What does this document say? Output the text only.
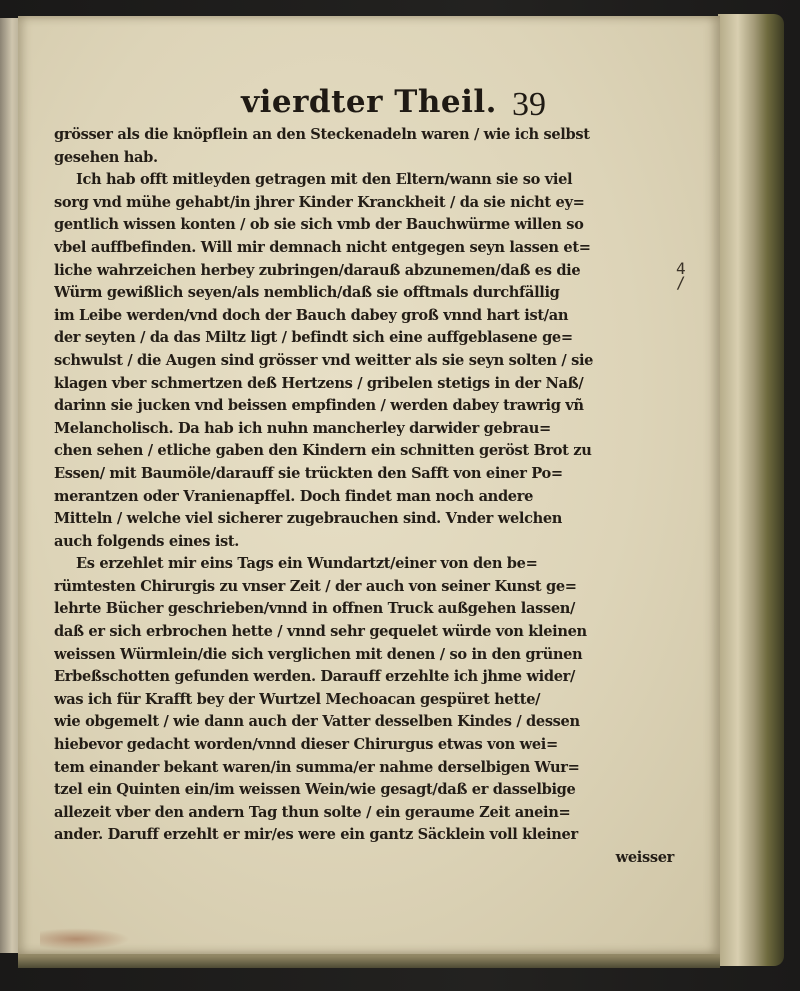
vierdter Theil. 39
grösser als die knöpflein an den Steckenadeln waren / wie ich selbst
gesehen hab.
Ich hab offt mitleyden getragen mit den Eltern/wann sie so viel
sorg vnd mühe gehabt/in jhrer Kinder Kranckheit / da sie nicht ey=
gentlich wissen konten / ob sie sich vmb der Bauchwürme willen so
vbel auffbefinden. Will mir demnach nicht entgegen seyn lassen et=
liche wahrzeichen herbey zubringen/darauß abzunemen/daß es die
Würm gewißlich seyen/als nemblich/daß sie offtmals durchfällig
im Leibe werden/vnd doch der Bauch dabey groß vnnd hart ist/an
der seyten / da das Miltz ligt / befindt sich eine auffgeblasene ge=
schwulst / die Augen sind grösser vnd weitter als sie seyn solten / sie
klagen vber schmertzen deß Hertzens / gribelen stetigs in der Naß/
darinn sie jucken vnd beissen empfinden / werden dabey trawrig vñ
Melancholisch. Da hab ich nuhn mancherley darwider gebrau=
chen sehen / etliche gaben den Kindern ein schnitten geröst Brot zu
Essen/ mit Baumöle/darauff sie trückten den Safft von einer Po=
merantzen oder Vranienapffel. Doch findet man noch andere
Mitteln / welche viel sicherer zugebrauchen sind. Vnder welchen
auch folgends eines ist.
Es erzehlet mir eins Tags ein Wundartzt/einer von den be=
rümtesten Chirurgis zu vnser Zeit / der auch von seiner Kunst ge=
lehrte Bücher geschrieben/vnnd in offnen Truck außgehen lassen/
daß er sich erbrochen hette / vnnd sehr gequelet würde von kleinen
weissen Würmlein/die sich verglichen mit denen / so in den grünen
Erbeßschotten gefunden werden. Darauff erzehlte ich jhme wider/
was ich für Krafft bey der Wurtzel Mechoacan gespüret hette/
wie obgemelt / wie dann auch der Vatter desselben Kindes / dessen
hiebevor gedacht worden/vnnd dieser Chirurgus etwas von wei=
tem einander bekant waren/in summa/er nahme derselbigen Wur=
tzel ein Quinten ein/im weissen Wein/wie gesagt/daß er dasselbige
allezeit vber den andern Tag thun solte / ein geraume Zeit anein=
ander. Daruff erzehlt er mir/es were ein gantz Säcklein voll kleiner
weisser
4
/
